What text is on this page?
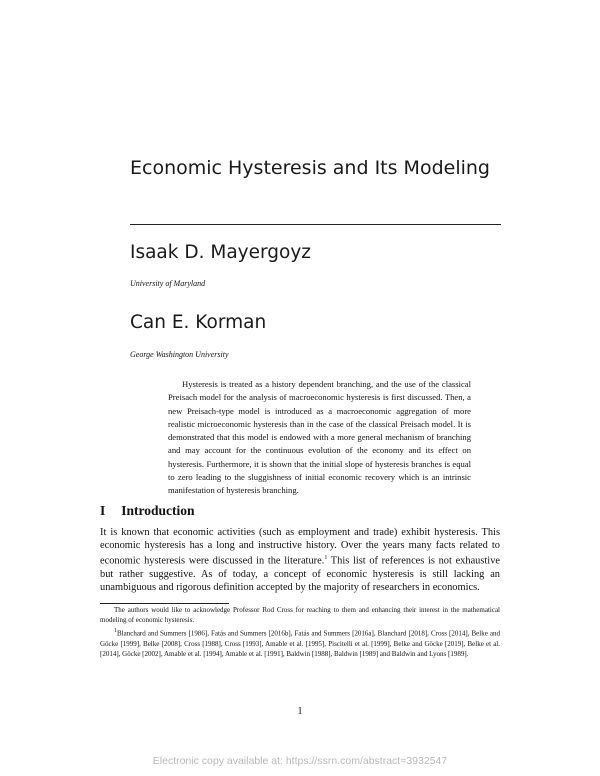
Economic Hysteresis and Its Modeling
Isaak D. Mayergoyz
University of Maryland
Can E. Korman
George Washington University
Hysteresis is treated as a history dependent branching, and the use of the classical Preisach model for the analysis of macroeconomic hysteresis is first discussed. Then, a new Preisach-type model is introduced as a macroeconomic aggregation of more realistic microeconomic hysteresis than in the case of the classical Preisach model. It is demonstrated that this model is endowed with a more general mechanism of branching and may account for the continuous evolution of the economy and its effect on hysteresis. Furthermore, it is shown that the initial slope of hysteresis branches is equal to zero leading to the sluggishness of initial economic recovery which is an intrinsic manifestation of hysteresis branching.
I Introduction
It is known that economic activities (such as employment and trade) exhibit hysteresis. This economic hysteresis has a long and instructive history. Over the years many facts related to economic hysteresis were discussed in the literature.$^1$ This list of references is not exhaustive but rather suggestive. As of today, a concept of economic hysteresis is still lacking an unambiguous and rigorous definition accepted by the majority of researchers in economics.
The authors would like to acknowledge Professor Rod Cross for reaching to them and enhancing their interest in the mathematical modeling of economic hysteresis.
$^1$Blanchard and Summers [1986], Fatás and Summers [2016b], Fatás and Summers [2016a], Blanchard [2018], Cross [2014], Belke and Göcke [1999], Belke [2008], Cross [1988], Cross [1993], Amable et al. [1995], Piscitelli et al. [1999], Belke and Göcke [2019], Belke et al. [2014], Göcke [2002], Amable et al. [1994], Amable et al. [1991], Baldwin [1988], Baldwin [1989] and Baldwin and Lyons [1989].
1
Electronic copy available at: https://ssrn.com/abstract=3932547
